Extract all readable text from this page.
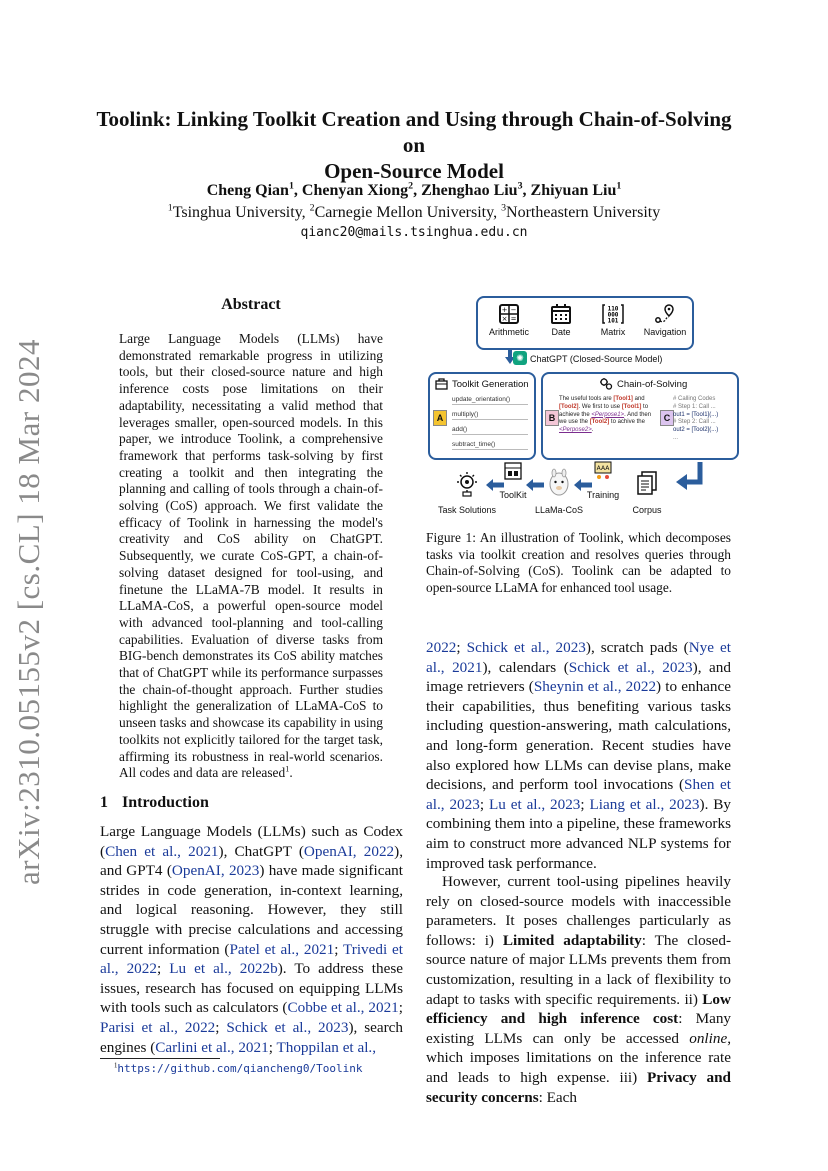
arXiv:2310.05155v2 [cs.CL] 18 Mar 2024
Toolink: Linking Toolkit Creation and Using through Chain-of-Solving on
Open-Source Model
Cheng Qian$^1$, Chenyan Xiong$^2$, Zhenghao Liu$^3$, Zhiyuan Liu$^1$
$^1$Tsinghua University, $^2$Carnegie Mellon University, $^3$Northeastern University
qianc20@mails.tsinghua.edu.cn
Abstract
Large Language Models (LLMs) have demonstrated remarkable progress in utilizing tools, but their closed-source nature and high inference costs pose limitations on their adaptability, necessitating a valid method that leverages smaller, open-sourced models. In this paper, we introduce Toolink, a comprehensive framework that performs task-solving by first creating a toolkit and then integrating the planning and calling of tools through a chain-of-solving (CoS) approach. We first validate the efficacy of Toolink in harnessing the model's creativity and CoS ability on ChatGPT. Subsequently, we curate CoS-GPT, a chain-of-solving dataset designed for tool-using, and finetune the LLaMA-7B model. It results in LLaMA-CoS, a powerful open-source model with advanced tool-planning and tool-calling capabilities. Evaluation of diverse tasks from BIG-bench demonstrates its CoS ability matches that of ChatGPT while its performance surpasses the chain-of-thought approach. Further studies highlight the generalization of LLaMA-CoS to unseen tasks and showcase its capability in using toolkits not explicitly tailored for the target task, affirming its robustness in real-world scenarios. All codes and data are released$^1$.
1 Introduction
Large Language Models (LLMs) such as Codex (Chen et al., 2021), ChatGPT (OpenAI, 2022), and GPT4 (OpenAI, 2023) have made significant strides in code generation, in-context learning, and logical reasoning. However, they still struggle with precise calculations and accessing current information (Patel et al., 2021; Trivedi et al., 2022; Lu et al., 2022b). To address these issues, research has focused on equipping LLMs with tools such as calculators (Cobbe et al., 2021; Parisi et al., 2022; Schick et al., 2023), search engines (Carlini et al., 2021; Thoppilan et al.,
2022; Schick et al., 2023), scratch pads (Nye et al., 2021), calendars (Schick et al., 2023), and image retrievers (Sheynin et al., 2022) to enhance their capabilities, thus benefiting various tasks including question-answering, math calculations, and long-form generation. Recent studies have also explored how LLMs can devise plans, make decisions, and perform tool invocations (Shen et al., 2023; Lu et al., 2023; Liang et al., 2023). By combining them into a pipeline, these frameworks aim to construct more advanced NLP systems for improved task performance.
However, current tool-using pipelines heavily rely on closed-source models with inaccessible parameters. It poses challenges particularly as follows: i) Limited adaptability: The closed-source nature of major LLMs prevents them from customization, resulting in a lack of flexibility to adapt to tasks with specific requirements. ii) Low efficiency and high inference cost: Many existing LLMs can only be accessed online, which imposes limitations on the inference rate and leads to high expense. iii) Privacy and security concerns: Each
$^1$https://github.com/qiancheng0/Toolink
+ −
× =
Arithmetic	Date
110
000
101
Matrix	Navigation
✺ ChatGPT (Closed-Source Model)
Toolkit Generation
update_orientation()
multiply()
add()
subtract_time()
A
Chain-of-Solving
B
The useful tools are [Tool1] and [Tool2]. We first to use [Tool1] to achieve the <Perpose1>. And then we use the [Tool2] to achive the <Perpose2>.
C
# Calling Codes
# Step 1: Call ...
out1 = [Tool1](...)
# Step 2: Call ...
out2 = [Tool2](...)
...
ToolKit
AAA
Training
Task Solutions	LLaMa-CoS	Corpus
Figure 1: An illustration of Toolink, which decomposes tasks via toolkit creation and resolves queries through Chain-of-Solving (CoS). Toolink can be adapted to open-source LLaMA for enhanced tool usage.
